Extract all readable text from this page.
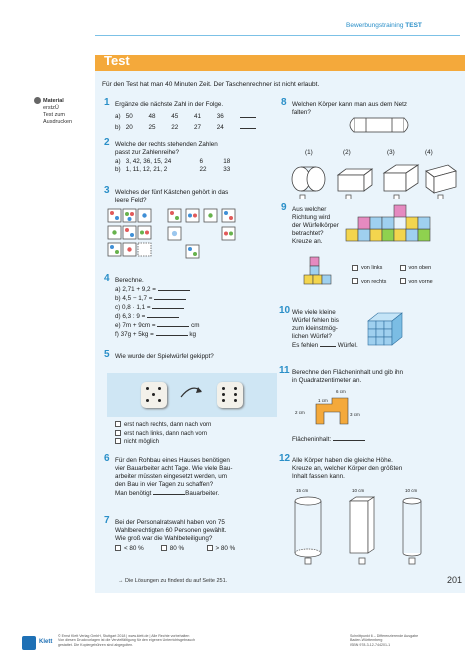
Bewerbungstraining TEST
Test
Material
erstzÜ
Test zum
Ausdrucken
Für den Test hat man 40 Minuten Zeit. Der Taschenrechner ist nicht erlaubt.
1 Ergänze die nächste Zahl in der Folge.
a) 50 48 45 41 36
b) 20 25 22 27 24
2 Welche der rechts stehenden Zahlen
passt zur Zahlenreihe?
a) 3, 42, 36, 15, 24	6	18
b) 1, 11, 12, 21, 2	22	33
3 Welches der fünf Kästchen gehört in das
leere Feld?
4 Berechne.
a) 2,71 + 9,2 =
b) 4,5 − 1,7 =
c) 0,8 · 1,1 =
d) 6,3 : 9 =
e) 7m + 9cm =	cm
f) 37g + 5kg =	kg
5 Wie wurde der Spielwürfel gekippt?
erst nach rechts, dann nach vorn
erst nach links, dann nach vorn
nicht möglich
6 Für den Rohbau eines Hauses benötigen
vier Bauarbeiter acht Tage. Wie viele Bau-
arbeiter müssten eingesetzt werden, um
den Bau in vier Tagen zu schaffen?
Man benötigt	Bauarbeiter.
7 Bei der Personalratswahl haben von 75
Wahlberechtigten 60 Personen gewählt.
Wie groß war die Wahlbeteiligung?
< 80 %	80 %	> 80 %
8 Welchen Körper kann man aus dem Netz
falten?
(1)	(2)	(3)	(4)
9 Aus welcher
Richtung wird
der Würfelkörper
betrachtet?
Kreuze an.
von links	von oben
von rechts	von vorne
10 Wie viele kleine
Würfel fehlen bis
zum kleinstmög-
lichen Würfel?
Es fehlen	Würfel.
11 Berechne den Flächeninhalt und gib ihn
in Quadratzentimeter an.
6 cm
1 cm
2 cm	3 cm
Flächeninhalt:
12 Alle Körper haben die gleiche Höhe.
Kreuze an, welcher Körper den größten
Inhalt fassen kann.
15 cm	10 cm	10 cm
→ Die Lösungen zu findest du auf Seite 251.	201
Klett
© Ernst Klett Verlag GmbH, Stuttgart 2018 | www.klett.de | Alle Rechte vorbehalten
Von diesen Druckvorlagen ist die Vervielfältigung für den eigenen Unterrichtsgebrauch
gestattet. Die Kopiergebühren sind abgegolten.
Schnittpunkt 6 – Differenzierende Ausgabe
Baden-Württemberg
ISBN 978-3-12-744201-1
